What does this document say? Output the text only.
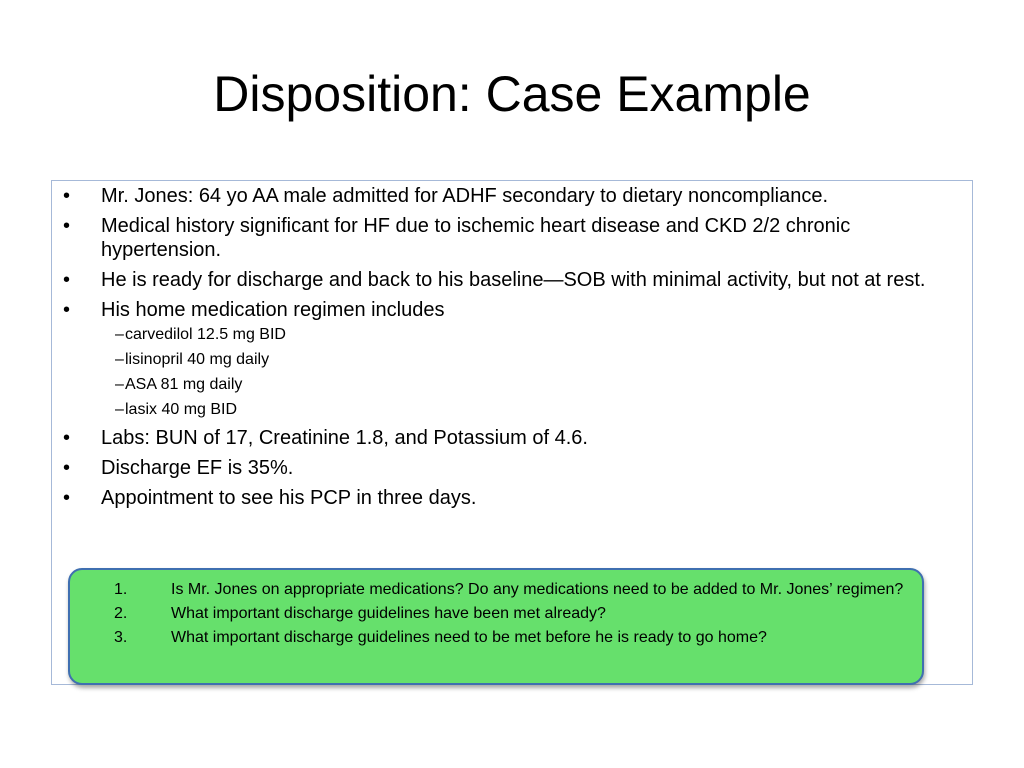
Disposition: Case Example
• Mr. Jones: 64 yo AA male admitted for ADHF secondary to dietary noncompliance.
• Medical history significant for HF due to ischemic heart disease and CKD 2/2 chronic hypertension.
• He is ready for discharge and back to his baseline—SOB with minimal activity, but not at rest.
• His home medication regimen includes
– carvedilol 12.5 mg BID
– lisinopril 40 mg daily
– ASA 81 mg daily
– lasix 40 mg BID
• Labs: BUN of 17, Creatinine 1.8, and Potassium of 4.6.
• Discharge EF is 35%.
• Appointment to see his PCP in three days.
1.	Is Mr. Jones on appropriate medications? Do any medications need to be added to Mr. Jones’ regimen?
2.	What important discharge guidelines have been met already?
3.	What important discharge guidelines need to be met before he is ready to go home?
